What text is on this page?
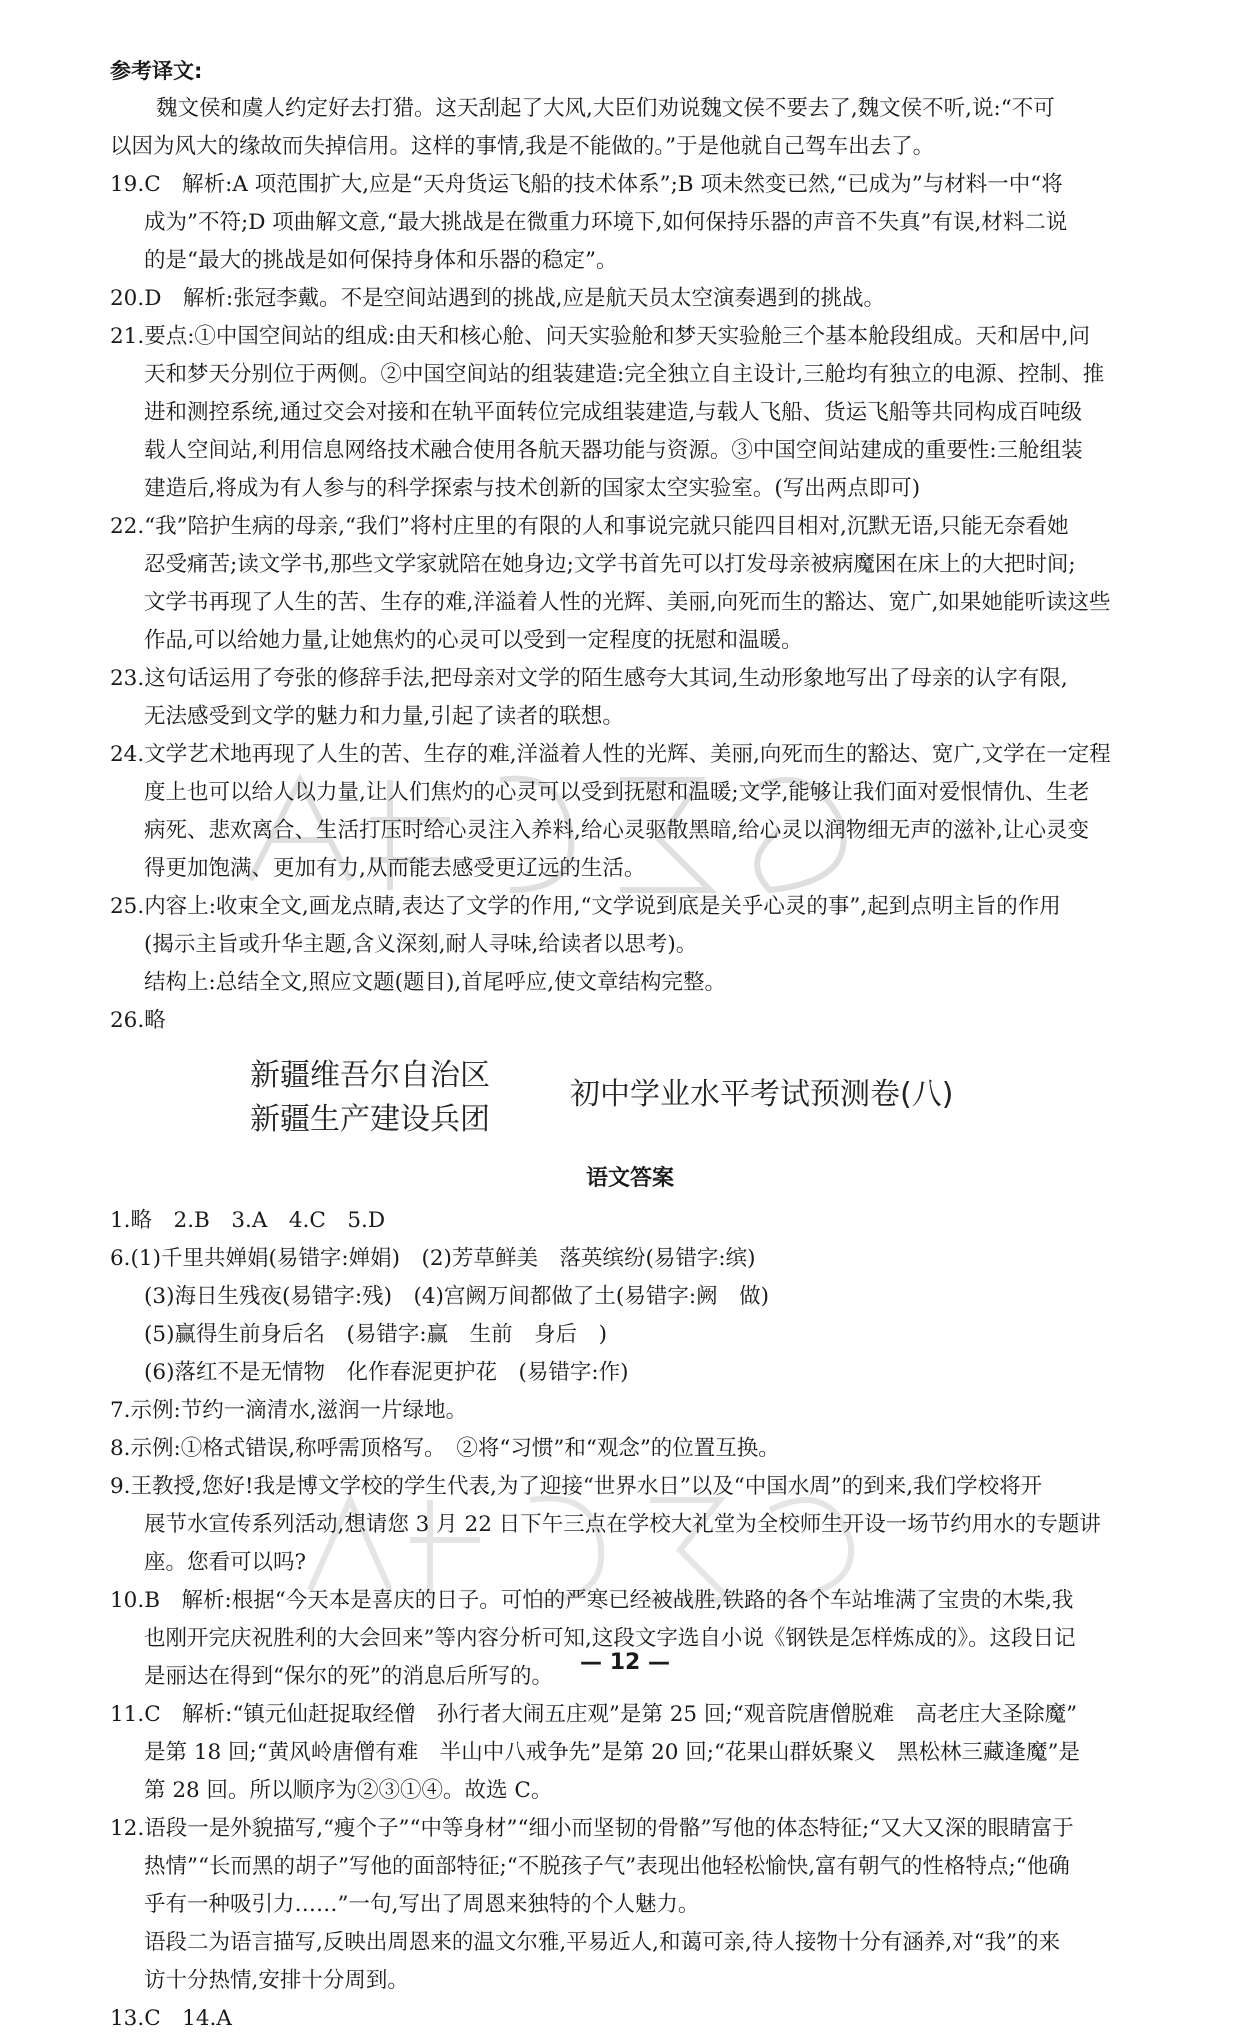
参考译文:
魏文侯和虞人约定好去打猎。这天刮起了大风,大臣们劝说魏文侯不要去了,魏文侯不听,说:“不可
以因为风大的缘故而失掉信用。这样的事情,我是不能做的。”于是他就自己驾车出去了。
19.C　解析:A 项范围扩大,应是“天舟货运飞船的技术体系”;B 项未然变已然,“已成为”与材料一中“将
成为”不符;D 项曲解文意,“最大挑战是在微重力环境下,如何保持乐器的声音不失真”有误,材料二说
的是“最大的挑战是如何保持身体和乐器的稳定”。
20.D　解析:张冠李戴。不是空间站遇到的挑战,应是航天员太空演奏遇到的挑战。
21.要点:①中国空间站的组成:由天和核心舱、问天实验舱和梦天实验舱三个基本舱段组成。天和居中,问
天和梦天分别位于两侧。②中国空间站的组装建造:完全独立自主设计,三舱均有独立的电源、控制、推
进和测控系统,通过交会对接和在轨平面转位完成组装建造,与载人飞船、货运飞船等共同构成百吨级
载人空间站,利用信息网络技术融合使用各航天器功能与资源。③中国空间站建成的重要性:三舱组装
建造后,将成为有人参与的科学探索与技术创新的国家太空实验室。(写出两点即可)
22.“我”陪护生病的母亲,“我们”将村庄里的有限的人和事说完就只能四目相对,沉默无语,只能无奈看她
忍受痛苦;读文学书,那些文学家就陪在她身边;文学书首先可以打发母亲被病魔困在床上的大把时间;
文学书再现了人生的苦、生存的难,洋溢着人性的光辉、美丽,向死而生的豁达、宽广,如果她能听读这些
作品,可以给她力量,让她焦灼的心灵可以受到一定程度的抚慰和温暖。
23.这句话运用了夸张的修辞手法,把母亲对文学的陌生感夸大其词,生动形象地写出了母亲的认字有限,
无法感受到文学的魅力和力量,引起了读者的联想。
24.文学艺术地再现了人生的苦、生存的难,洋溢着人性的光辉、美丽,向死而生的豁达、宽广,文学在一定程
度上也可以给人以力量,让人们焦灼的心灵可以受到抚慰和温暖;文学,能够让我们面对爱恨情仇、生老
病死、悲欢离合、生活打压时给心灵注入养料,给心灵驱散黑暗,给心灵以润物细无声的滋补,让心灵变
得更加饱满、更加有力,从而能去感受更辽远的生活。
25.内容上:收束全文,画龙点睛,表达了文学的作用,“文学说到底是关乎心灵的事”,起到点明主旨的作用
(揭示主旨或升华主题,含义深刻,耐人寻味,给读者以思考)。
结构上:总结全文,照应文题(题目),首尾呼应,使文章结构完整。
26.略
新疆维吾尔自治区
新疆生产建设兵团
初中学业水平考试预测卷(八)
语文答案
1.略　2.B　3.A　4.C　5.D
6.(1)千里共婵娟(易错字:婵娟)　(2)芳草鲜美　落英缤纷(易错字:缤)
(3)海日生残夜(易错字:残)　(4)宫阙万间都做了土(易错字:阙　做)
(5)赢得生前身后名　(易错字:赢　生前　身后　)
(6)落红不是无情物　化作春泥更护花　(易错字:作)
7.示例:节约一滴清水,滋润一片绿地。
8.示例:①格式错误,称呼需顶格写。　②将“习惯”和“观念”的位置互换。
9.王教授,您好!我是博文学校的学生代表,为了迎接“世界水日”以及“中国水周”的到来,我们学校将开
展节水宣传系列活动,想请您 3 月 22 日下午三点在学校大礼堂为全校师生开设一场节约用水的专题讲
座。您看可以吗?
10.B　解析:根据“今天本是喜庆的日子。可怕的严寒已经被战胜,铁路的各个车站堆满了宝贵的木柴,我
也刚开完庆祝胜利的大会回来”等内容分析可知,这段文字选自小说《钢铁是怎样炼成的》。这段日记
是丽达在得到“保尔的死”的消息后所写的。
11.C　解析:“镇元仙赶捉取经僧　孙行者大闹五庄观”是第 25 回;“观音院唐僧脱难　高老庄大圣除魔”
是第 18 回;“黄风岭唐僧有难　半山中八戒争先”是第 20 回;“花果山群妖聚义　黑松林三藏逢魔”是
第 28 回。所以顺序为②③①④。故选 C。
12.语段一是外貌描写,“瘦个子”“中等身材”“细小而坚韧的骨骼”写他的体态特征;“又大又深的眼睛富于
热情”“长而黑的胡子”写他的面部特征;“不脱孩子气”表现出他轻松愉快,富有朝气的性格特点;“他确
乎有一种吸引力……”一句,写出了周恩来独特的个人魅力。
语段二为语言描写,反映出周恩来的温文尔雅,平易近人,和蔼可亲,待人接物十分有涵养,对“我”的来
访十分热情,安排十分周到。
13.C　14.A
— 12 —
